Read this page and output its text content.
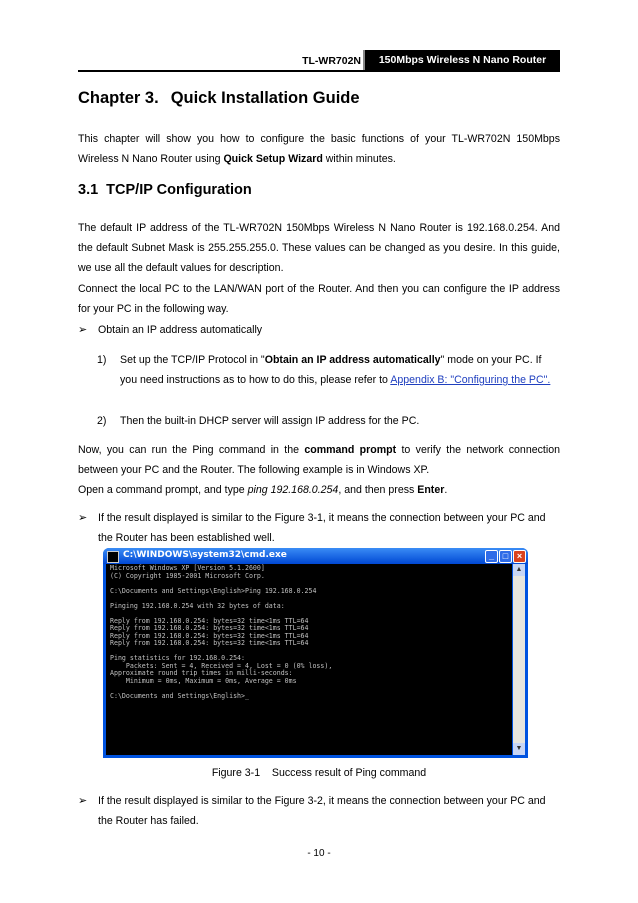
TL-WR702N	150Mbps Wireless N Nano Router
Chapter 3. Quick Installation Guide
This chapter will show you how to configure the basic functions of your TL-WR702N 150Mbps Wireless N Nano Router using Quick Setup Wizard within minutes.
3.1 TCP/IP Configuration
The default IP address of the TL-WR702N 150Mbps Wireless N Nano Router is 192.168.0.254. And the default Subnet Mask is 255.255.255.0. These values can be changed as you desire. In this guide, we use all the default values for description.
Connect the local PC to the LAN/WAN port of the Router. And then you can configure the IP address for your PC in the following way.
➢ Obtain an IP address automatically
1)	Set up the TCP/IP Protocol in "Obtain an IP address automatically" mode on your PC. If you need instructions as to how to do this, please refer to Appendix B: "Configuring the PC".
2)	Then the built-in DHCP server will assign IP address for the PC.
Now, you can run the Ping command in the command prompt to verify the network connection between your PC and the Router. The following example is in Windows XP.
Open a command prompt, and type ping 192.168.0.254, and then press Enter.
➢ If the result displayed is similar to the Figure 3-1, it means the connection between your PC and the Router has been established well.
C:\WINDOWS\system32\cmd.exe	_ □ ×
Microsoft Windows XP [Version 5.1.2600]
(C) Copyright 1985-2001 Microsoft Corp.

C:\Documents and Settings\English>Ping 192.168.0.254

Pinging 192.168.0.254 with 32 bytes of data:

Reply from 192.168.0.254: bytes=32 time<1ms TTL=64
Reply from 192.168.0.254: bytes=32 time<1ms TTL=64
Reply from 192.168.0.254: bytes=32 time<1ms TTL=64
Reply from 192.168.0.254: bytes=32 time<1ms TTL=64

Ping statistics for 192.168.0.254:
Packets: Sent = 4, Received = 4, Lost = 0 (0% loss),
Approximate round trip times in milli-seconds:
Minimum = 0ms, Maximum = 0ms, Average = 0ms

C:\Documents and Settings\English>_
▲
▼
Figure 3-1 Success result of Ping command
➢ If the result displayed is similar to the Figure 3-2, it means the connection between your PC and the Router has failed.
- 10 -
